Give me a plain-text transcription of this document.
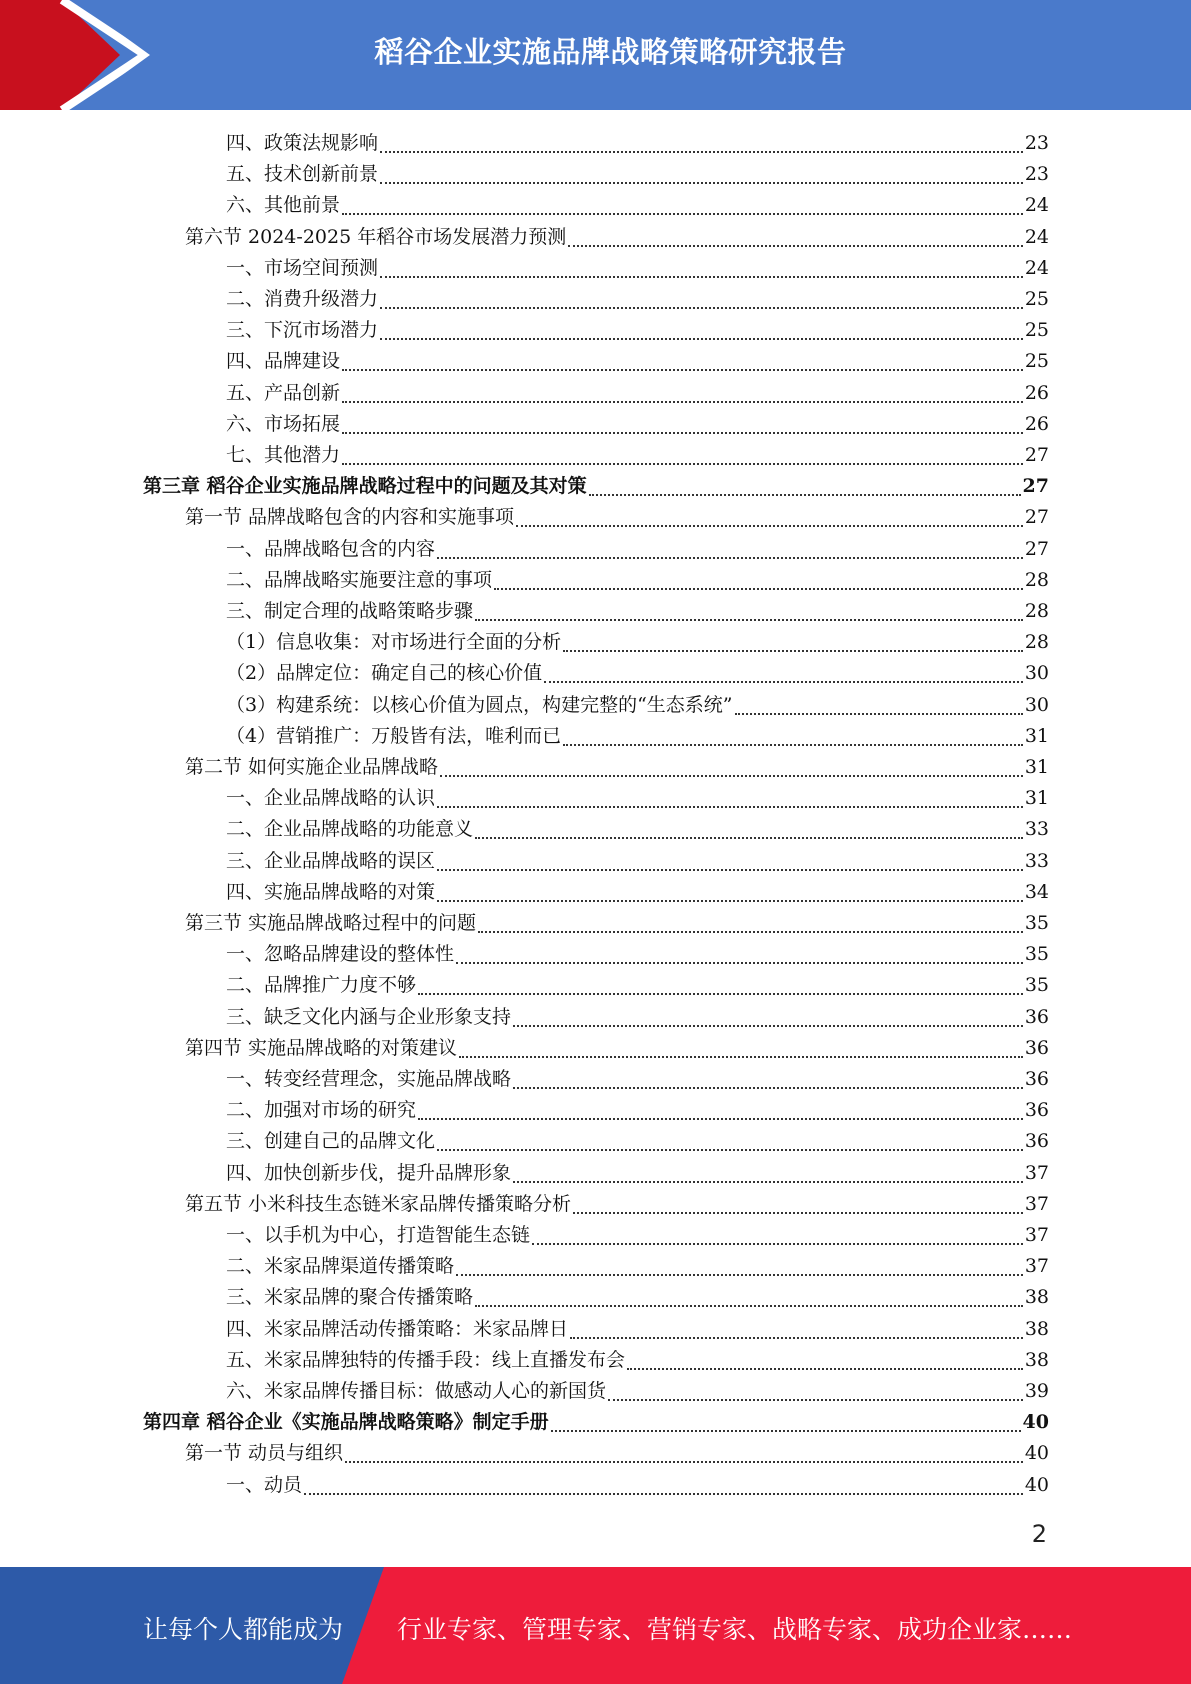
稻谷企业实施品牌战略策略研究报告
四、政策法规影响	23
五、技术创新前景	23
六、其他前景	24
第六节 2024-2025 年稻谷市场发展潜力预测	24
一、市场空间预测	24
二、消费升级潜力	25
三、下沉市场潜力	25
四、品牌建设	25
五、产品创新	26
六、市场拓展	26
七、其他潜力	27
第三章 稻谷企业实施品牌战略过程中的问题及其对策	27
第一节 品牌战略包含的内容和实施事项	27
一、品牌战略包含的内容	27
二、品牌战略实施要注意的事项	28
三、制定合理的战略策略步骤	28
（1）信息收集：对市场进行全面的分析	28
（2）品牌定位：确定自己的核心价值	30
（3）构建系统：以核心价值为圆点，构建完整的“生态系统”	30
（4）营销推广：万般皆有法，唯利而已	31
第二节 如何实施企业品牌战略	31
一、企业品牌战略的认识	31
二、企业品牌战略的功能意义	33
三、企业品牌战略的误区	33
四、实施品牌战略的对策	34
第三节 实施品牌战略过程中的问题	35
一、忽略品牌建设的整体性	35
二、品牌推广力度不够	35
三、缺乏文化内涵与企业形象支持	36
第四节 实施品牌战略的对策建议	36
一、转变经营理念，实施品牌战略	36
二、加强对市场的研究	36
三、创建自己的品牌文化	36
四、加快创新步伐，提升品牌形象	37
第五节 小米科技生态链米家品牌传播策略分析	37
一、以手机为中心，打造智能生态链	37
二、米家品牌渠道传播策略	37
三、米家品牌的聚合传播策略	38
四、米家品牌活动传播策略：米家品牌日	38
五、米家品牌独特的传播手段：线上直播发布会	38
六、米家品牌传播目标：做感动人心的新国货	39
第四章 稻谷企业《实施品牌战略策略》制定手册	40
第一节 动员与组织	40
一、动员	40
2
让每个人都能成为 行业专家、管理专家、营销专家、战略专家、成功企业家……
